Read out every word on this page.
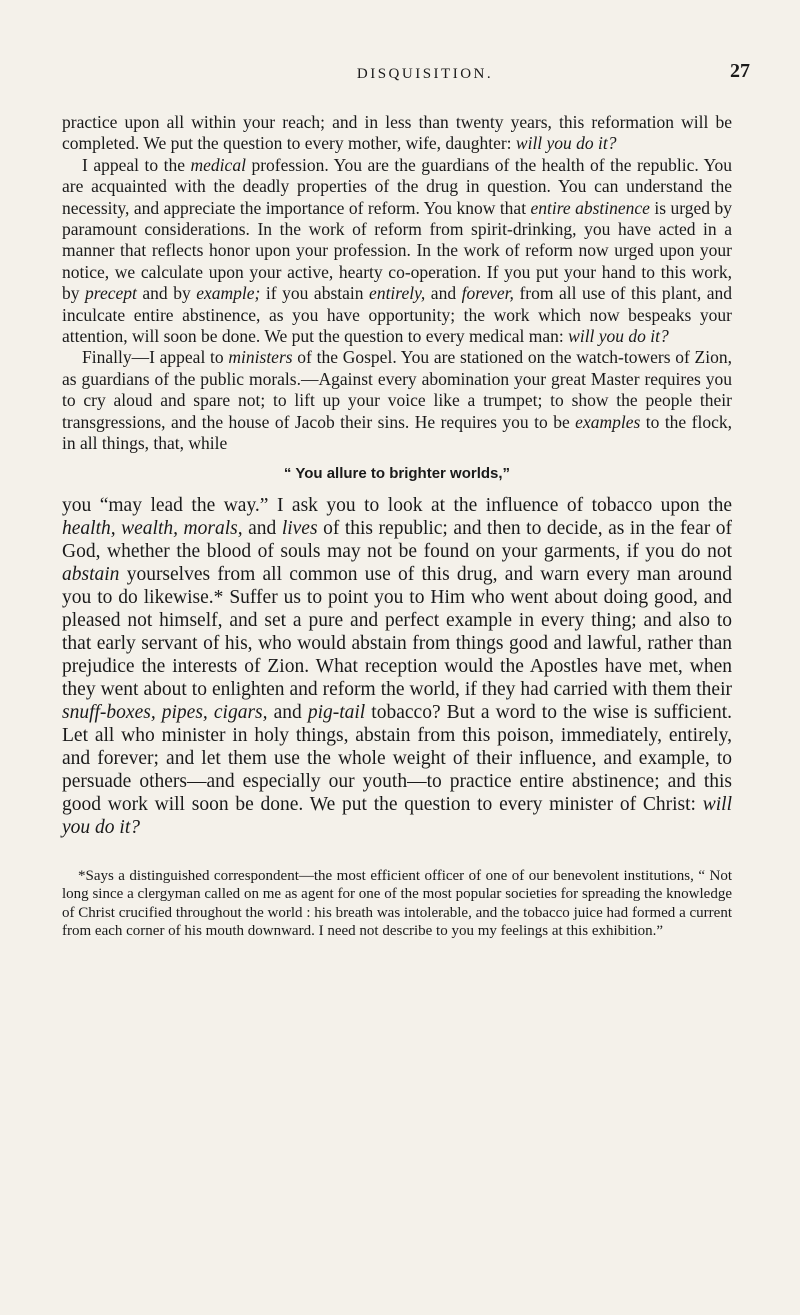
DISQUISITION.	27

practice upon all within your reach; and in less than twenty years, this reformation will be completed. We put the question to every mother, wife, daughter: will you do it?

I appeal to the medical profession. You are the guardians of the health of the republic. You are acquainted with the deadly properties of the drug in question. You can understand the necessity, and appreciate the importance of reform. You know that entire abstinence is urged by paramount considerations. In the work of reform from spirit-drinking, you have acted in a manner that reflects honor upon your profession. In the work of reform now urged upon your notice, we calculate upon your active, hearty co-operation. If you put your hand to this work, by precept and by example; if you abstain entirely, and forever, from all use of this plant, and inculcate entire abstinence, as you have opportunity; the work which now bespeaks your attention, will soon be done. We put the question to every medical man: will you do it?

Finally—I appeal to ministers of the Gospel. You are stationed on the watch-towers of Zion, as guardians of the public morals.—Against every abomination your great Master requires you to cry aloud and spare not; to lift up your voice like a trumpet; to show the people their transgressions, and the house of Jacob their sins. He requires you to be examples to the flock, in all things, that, while

“ You allure to brighter worlds,”

you “may lead the way.” I ask you to look at the influence of tobacco upon the health, wealth, morals, and lives of this republic; and then to decide, as in the fear of God, whether the blood of souls may not be found on your garments, if you do not abstain yourselves from all common use of this drug, and warn every man around you to do likewise.* Suffer us to point you to Him who went about doing good, and pleased not himself, and set a pure and perfect example in every thing; and also to that early servant of his, who would abstain from things good and lawful, rather than prejudice the interests of Zion. What reception would the Apostles have met, when they went about to enlighten and reform the world, if they had carried with them their snuff-boxes, pipes, cigars, and pig-tail tobacco? But a word to the wise is sufficient. Let all who minister in holy things, abstain from this poison, immediately, entirely, and forever; and let them use the whole weight of their influence, and example, to persuade others—and especially our youth—to practice entire abstinence; and this good work will soon be done. We put the question to every minister of Christ: will you do it?

*Says a distinguished correspondent—the most efficient officer of one of our benevolent institutions, “ Not long since a clergyman called on me as agent for one of the most popular societies for spreading the knowledge of Christ crucified throughout the world : his breath was intolerable, and the tobacco juice had formed a current from each corner of his mouth downward. I need not describe to you my feelings at this exhibition.”
